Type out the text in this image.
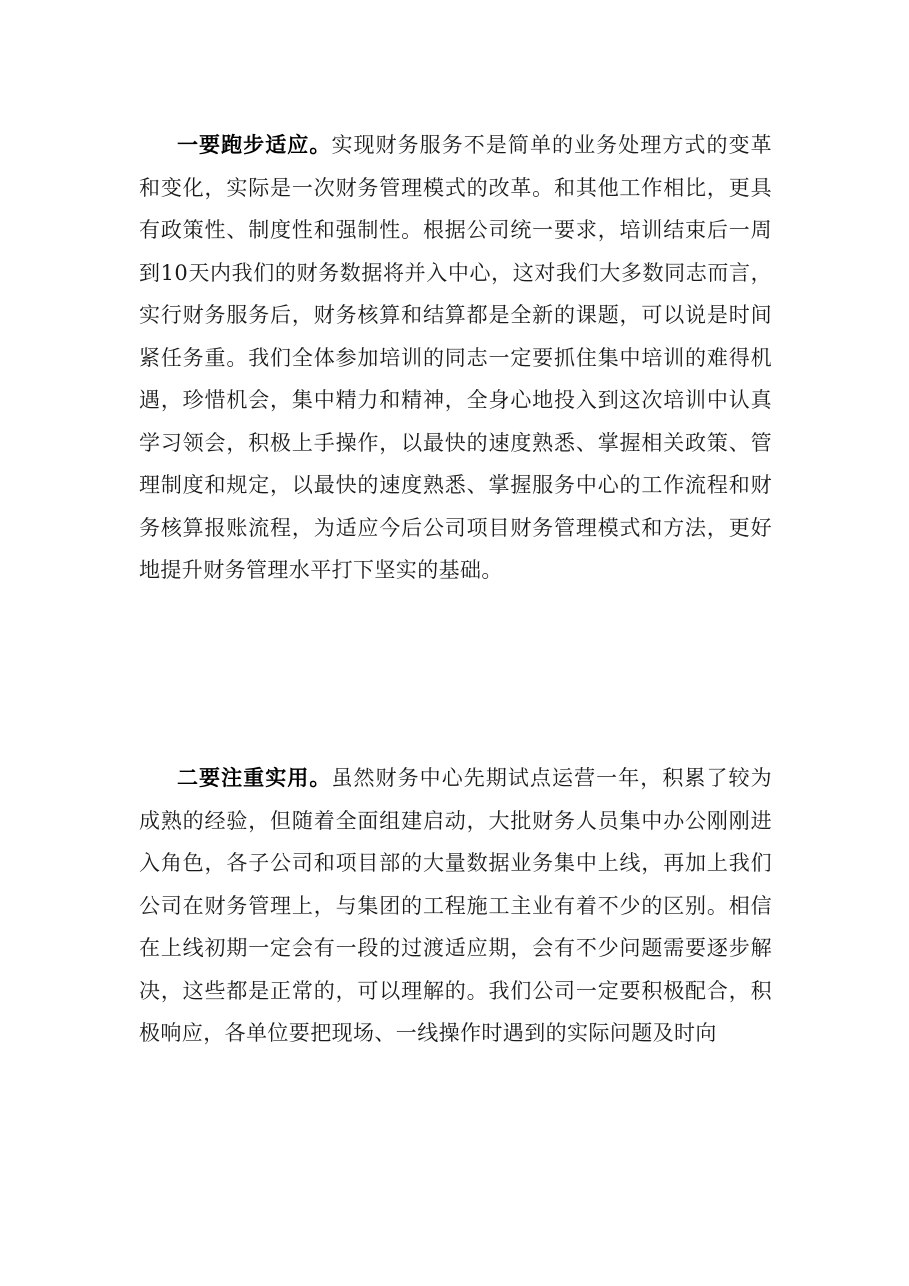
一要跑步适应。实现财务服务不是简单的业务处理方式的变革和变化，实际是一次财务管理模式的改革。和其他工作相比，更具有政策性、制度性和强制性。根据公司统一要求，培训结束后一周到10天内我们的财务数据将并入中心，这对我们大多数同志而言，实行财务服务后，财务核算和结算都是全新的课题，可以说是时间紧任务重。我们全体参加培训的同志一定要抓住集中培训的难得机遇，珍惜机会，集中精力和精神，全身心地投入到这次培训中认真学习领会，积极上手操作，以最快的速度熟悉、掌握相关政策、管理制度和规定，以最快的速度熟悉、掌握服务中心的工作流程和财务核算报账流程，为适应今后公司项目财务管理模式和方法，更好地提升财务管理水平打下坚实的基础。

二要注重实用。虽然财务中心先期试点运营一年，积累了较为成熟的经验，但随着全面组建启动，大批财务人员集中办公刚刚进入角色，各子公司和项目部的大量数据业务集中上线，再加上我们公司在财务管理上，与集团的工程施工主业有着不少的区别。相信在上线初期一定会有一段的过渡适应期，会有不少问题需要逐步解决，这些都是正常的，可以理解的。我们公司一定要积极配合，积极响应，各单位要把现场、一线操作时遇到的实际问题及时向
